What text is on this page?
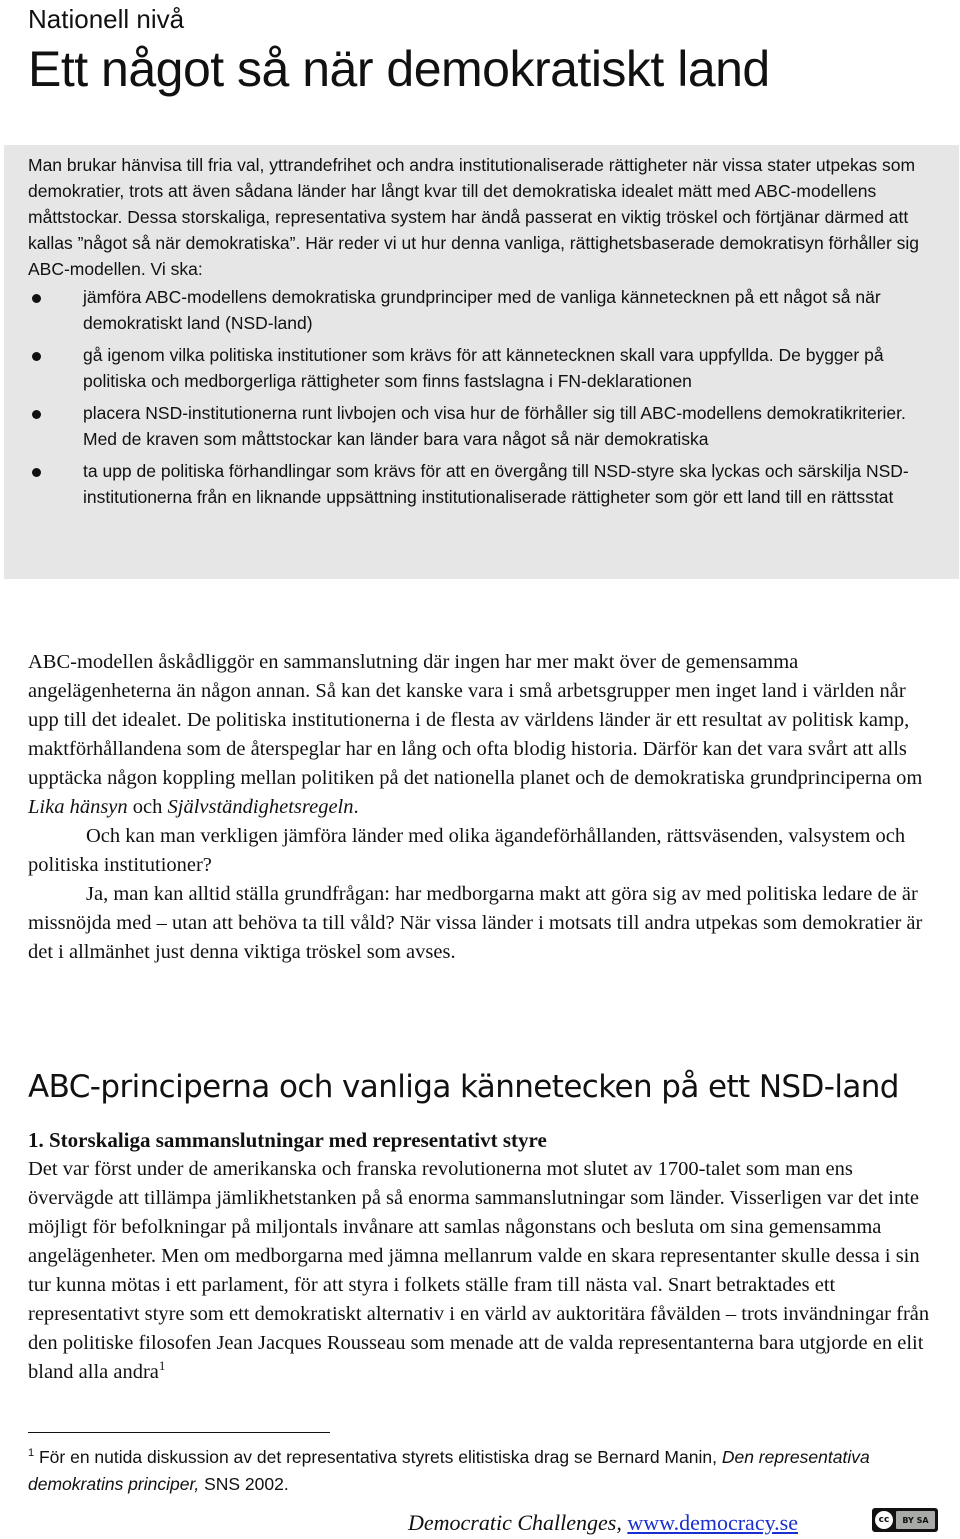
Nationell nivå
Ett något så när demokratiskt land

Man brukar hänvisa till fria val, yttrandefrihet och andra institutionaliserade rättigheter när vissa stater utpekas som demokratier, trots att även sådana länder har långt kvar till det demokratiska idealet mätt med ABC-modellens måttstockar. Dessa storskaliga, representativa system har ändå passerat en viktig tröskel och förtjänar därmed att kallas ”något så när demokratiska”. Här reder vi ut hur denna vanliga, rättighetsbaserade demokratisyn förhåller sig ABC-modellen. Vi ska:

jämföra ABC-modellens demokratiska grundprinciper med de vanliga kännetecknen på ett något så när demokratiskt land (NSD-land)
gå igenom vilka politiska institutioner som krävs för att kännetecknen skall vara uppfyllda. De bygger på politiska och medborgerliga rättigheter som finns fastslagna i FN-deklarationen
placera NSD-institutionerna runt livbojen och visa hur de förhåller sig till ABC-modellens demokratikriterier. Med de kraven som måttstockar kan länder bara vara något så när demokratiska
ta upp de politiska förhandlingar som krävs för att en övergång till NSD-styre ska lyckas och särskilja NSD-institutionerna från en liknande uppsättning institutionaliserade rättigheter som gör ett land till en rättsstat

ABC-modellen åskådliggör en sammanslutning där ingen har mer makt över de gemensamma angelägenheterna än någon annan. Så kan det kanske vara i små arbetsgrupper men inget land i världen når upp till det idealet. De politiska institutionerna i de flesta av världens länder är ett resultat av politisk kamp, maktförhållandena som de återspeglar har en lång och ofta blodig historia. Därför kan det vara svårt att alls upptäcka någon koppling mellan politiken på det nationella planet och de demokratiska grundprinciperna om Lika hänsyn och Självständighetsregeln.

Och kan man verkligen jämföra länder med olika ägandeförhållanden, rättsväsenden, valsystem och politiska institutioner?

Ja, man kan alltid ställa grundfrågan: har medborgarna makt att göra sig av med politiska ledare de är missnöjda med – utan att behöva ta till våld? När vissa länder i motsats till andra utpekas som demokratier är det i allmänhet just denna viktiga tröskel som avses.

ABC-principerna och vanliga kännetecken på ett NSD-land
1. Storskaliga sammanslutningar med representativt styre

Det var först under de amerikanska och franska revolutionerna mot slutet av 1700-talet som man ens övervägde att tillämpa jämlikhetstanken på så enorma sammanslutningar som länder. Visserligen var det inte möjligt för befolkningar på miljontals invånare att samlas någonstans och besluta om sina gemensamma angelägenheter. Men om medborgarna med jämna mellanrum valde en skara representanter skulle dessa i sin tur kunna mötas i ett parlament, för att styra i folkets ställe fram till nästa val. Snart betraktades ett representativt styre som ett demokratiskt alternativ i en värld av auktoritära fåvälden – trots invändningar från den politiske filosofen Jean Jacques Rousseau som menade att de valda representanterna bara utgjorde en elit bland alla andra$^1$

$^1$ För en nutida diskussion av det representativa styrets elitistiska drag se Bernard Manin, Den representativa demokratins principer, SNS 2002.
Democratic Challenges, www.democracy.se	cc	BY SA
